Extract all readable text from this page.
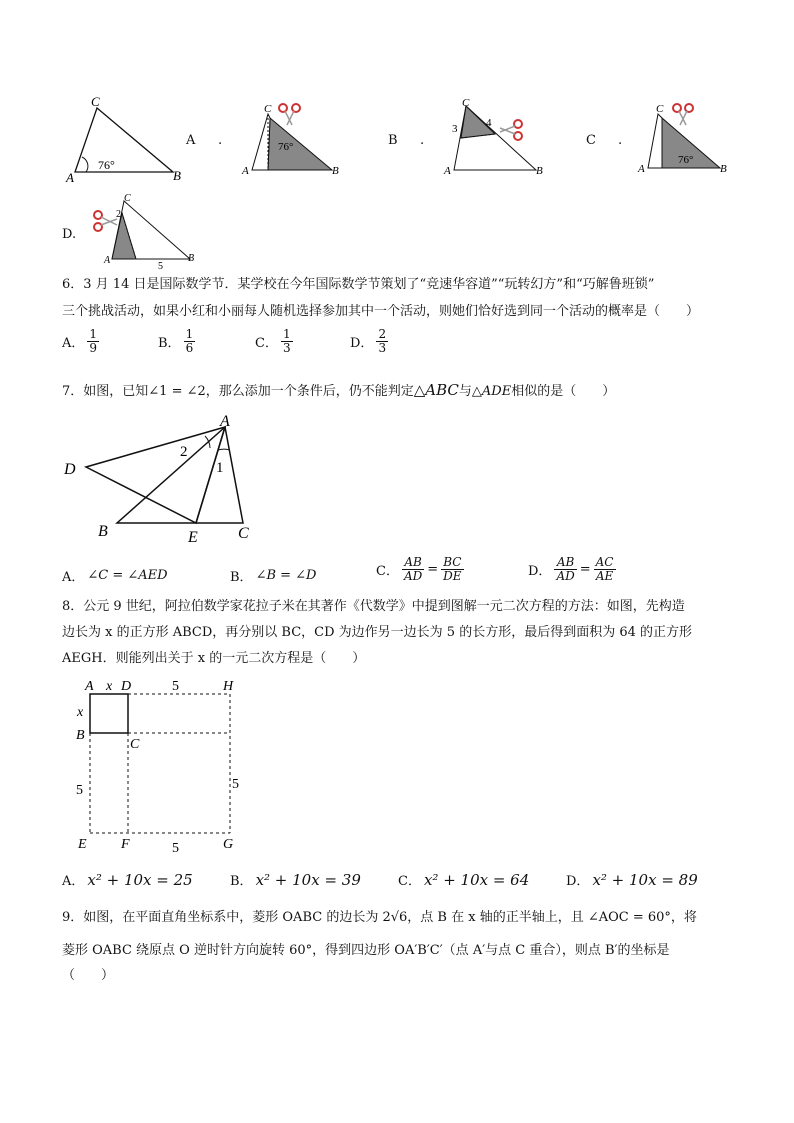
C
A	B
76°
A .
C
A	B
76°	B .
C
A	B
3	4
C .
C
A	B
76°
D.
C
2
A	B
5
6．3 月 14 日是国际数学节．某学校在今年国际数学节策划了“竞速华容道”“玩转幻方”和“巧解鲁班锁”
三个挑战活动，如果小红和小丽每人随机选择参加其中一个活动，则她们恰好选到同一个活动的概率是（　　）
A． $\frac{1}{9}$	B． $\frac{1}{6}$	C． $\frac{1}{3}$	D． $\frac{2}{3}$
7．如图，已知∠1 = ∠2，那么添加一个条件后，仍不能判定△ABC与△ADE相似的是（　　）
A
D
B	E	C
1
2
A． ∠C = ∠AED	B． ∠B = ∠D	C． $\frac{AB}{AD} = \frac{BC}{DE}$	D． $\frac{AB}{AD} = \frac{AC}{AE}$
8．公元 9 世纪，阿拉伯数学家花拉子米在其著作《代数学》中提到图解一元二次方程的方法：如图，先构造
边长为 x 的正方形 ABCD，再分别以 BC，CD 为边作另一边长为 5 的长方形，最后得到面积为 64 的正方形
AEGH．则能列出关于 x 的一元二次方程是（　　）
A x D	5	H
x
B
C
5	5
E F	5	G
A． x² + 10x = 25	B． x² + 10x = 39	C． x² + 10x = 64	D． x² + 10x = 89
9．如图，在平面直角坐标系中，菱形 OABC 的边长为 2√6，点 B 在 x 轴的正半轴上，且 ∠AOC = 60°，将
菱形 OABC 绕原点 O 逆时针方向旋转 60°，得到四边形 OA′B′C′（点 A′与点 C 重合），则点 B′的坐标是
（　　）
